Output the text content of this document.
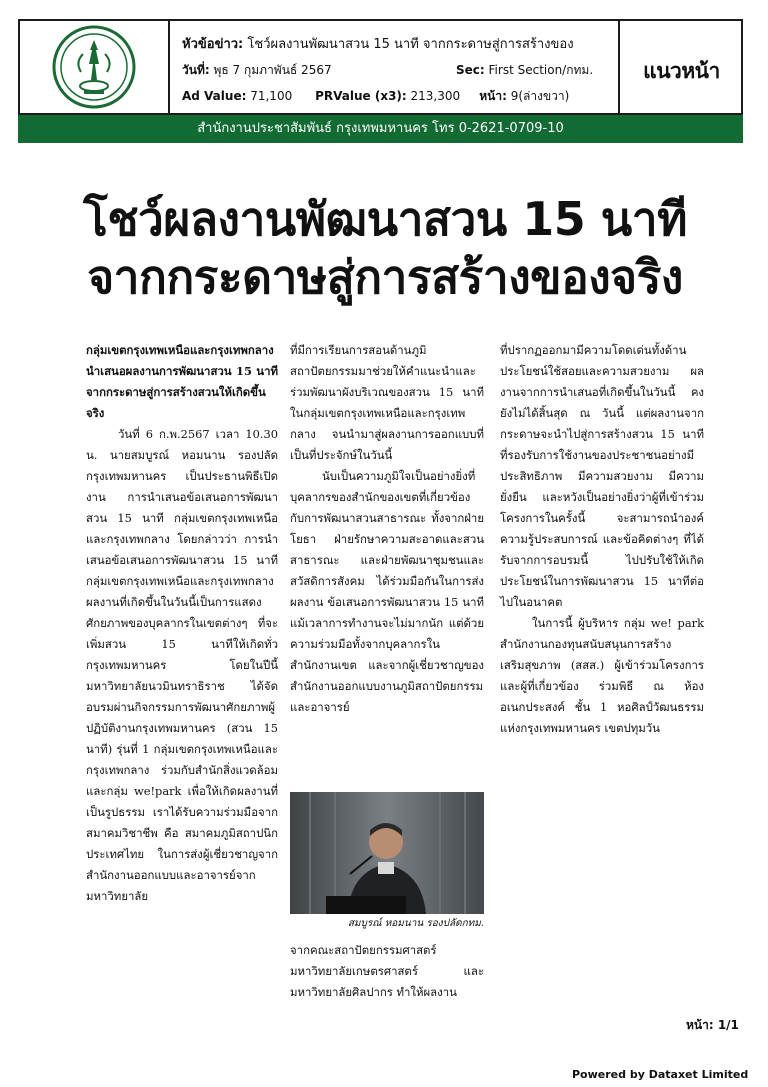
หัวข้อข่าว: โชว์ผลงานพัฒนาสวน 15 นาที จากกระดาษสู่การสร้างของ
วันที่: พุธ 7 กุมภาพันธ์ 2567	Sec: First Section/กทม.
Ad Value: 71,100 PRValue (x3): 213,300 หน้า: 9(ล่างขวา)
แนวหน้า
สำนักงานประชาสัมพันธ์ กรุงเทพมหานคร โทร 0-2621-0709-10
โชว์ผลงานพัฒนาสวน 15 นาที
จากกระดาษสู่การสร้างของจริง

กลุ่มเขตกรุงเทพเหนือและกรุงเทพกลาง นำเสนอผลงานการพัฒนาสวน 15 นาที จากกระดาษสู่การสร้างสวนให้เกิดขึ้นจริง

วันที่ 6 ก.พ.2567 เวลา 10.30 น. นายสมบูรณ์ หอมนาน รองปลัดกรุงเทพมหานคร เป็นประธานพิธีเปิดงาน การนำเสนอข้อเสนอการพัฒนาสวน 15 นาที กลุ่มเขตกรุงเทพเหนือและกรุงเทพกลาง โดยกล่าวว่า การนำเสนอข้อเสนอการพัฒนาสวน 15 นาที กลุ่มเขตกรุงเทพเหนือและกรุงเทพกลาง ผลงานที่เกิดขึ้นในวันนี้เป็นการแสดงศักยภาพของบุคลากรในเขตต่างๆ ที่จะเพิ่มสวน 15 นาทีให้เกิดทั่วกรุงเทพมหานคร โดยในปีนี้มหาวิทยาลัยนวมินทราธิราช ได้จัดอบรมผ่านกิจกรรมการพัฒนาศักยภาพผู้ปฏิบัติงานกรุงเทพมหานคร (สวน 15 นาที) รุ่นที่ 1 กลุ่มเขตกรุงเทพเหนือและกรุงเทพกลาง ร่วมกับสำนักสิ่งแวดล้อม และกลุ่ม we!park เพื่อให้เกิดผลงานที่เป็นรูปธรรม เราได้รับความร่วมมือจากสมาคมวิชาชีพ คือ สมาคมภูมิสถาปนิกประเทศไทย ในการส่งผู้เชี่ยวชาญจากสำนักงานออกแบบและอาจารย์จากมหาวิทยาลัย

ที่มีการเรียนการสอนด้านภูมิสถาปัตยกรรมมาช่วยให้คำแนะนำและร่วมพัฒนาผังบริเวณของสวน 15 นาทีในกลุ่มเขตกรุงเทพเหนือและกรุงเทพกลาง จนนำมาสู่ผลงานการออกแบบที่เป็นที่ประจักษ์ในวันนี้

นับเป็นความภูมิใจเป็นอย่างยิ่งที่บุคลากรของสำนักของเขตที่เกี่ยวข้องกับการพัฒนาสวนสาธารณะ ทั้งจากฝ่ายโยธา ฝ่ายรักษาความสะอาดและสวนสาธารณะ และฝ่ายพัฒนาชุมชนและสวัสดิการสังคม ได้ร่วมมือกันในการส่งผลงาน ข้อเสนอการพัฒนาสวน 15 นาที แม้เวลาการทำงานจะไม่มากนัก แต่ด้วยความร่วมมือทั้งจากบุคลากรในสำนักงานเขต และจากผู้เชี่ยวชาญของสำนักงานออกแบบงานภูมิสถาปัตยกรรม และอาจารย์

สมบูรณ์ หอมนาน รองปลัดกทม.

จากคณะสถาปัตยกรรมศาสตร์ มหาวิทยาลัยเกษตรศาสตร์ และมหาวิทยาลัยศิลปากร ทำให้ผลงาน

ที่ปรากฏออกมามีความโดดเด่นทั้งด้านประโยชน์ใช้สอยและความสวยงาม ผลงานจากการนำเสนอที่เกิดขึ้นในวันนี้ คงยังไม่ได้สิ้นสุด ณ วันนี้ แต่ผลงานจากกระดาษจะนำไปสู่การสร้างสวน 15 นาที ที่รองรับการใช้งานของประชาชนอย่างมีประสิทธิภาพ มีความสวยงาม มีความยั่งยืน และหวังเป็นอย่างยิ่งว่าผู้ที่เข้าร่วมโครงการในครั้งนี้ จะสามารถนำองค์ความรู้ประสบการณ์ และข้อคิดต่างๆ ที่ได้รับจากการอบรมนี้ ไปปรับใช้ให้เกิดประโยชน์ในการพัฒนาสวน 15 นาทีต่อไปในอนาคต

ในการนี้ ผู้บริหาร กลุ่ม we! park สำนักงานกองทุนสนับสนุนการสร้างเสริมสุขภาพ (สสส.) ผู้เข้าร่วมโครงการ และผู้ที่เกี่ยวข้อง ร่วมพิธี ณ ห้องอเนกประสงค์ ชั้น 1 หอศิลป์วัฒนธรรมแห่งกรุงเทพมหานคร เขตปทุมวัน

หน้า: 1/1
Powered by Dataxet Limited
